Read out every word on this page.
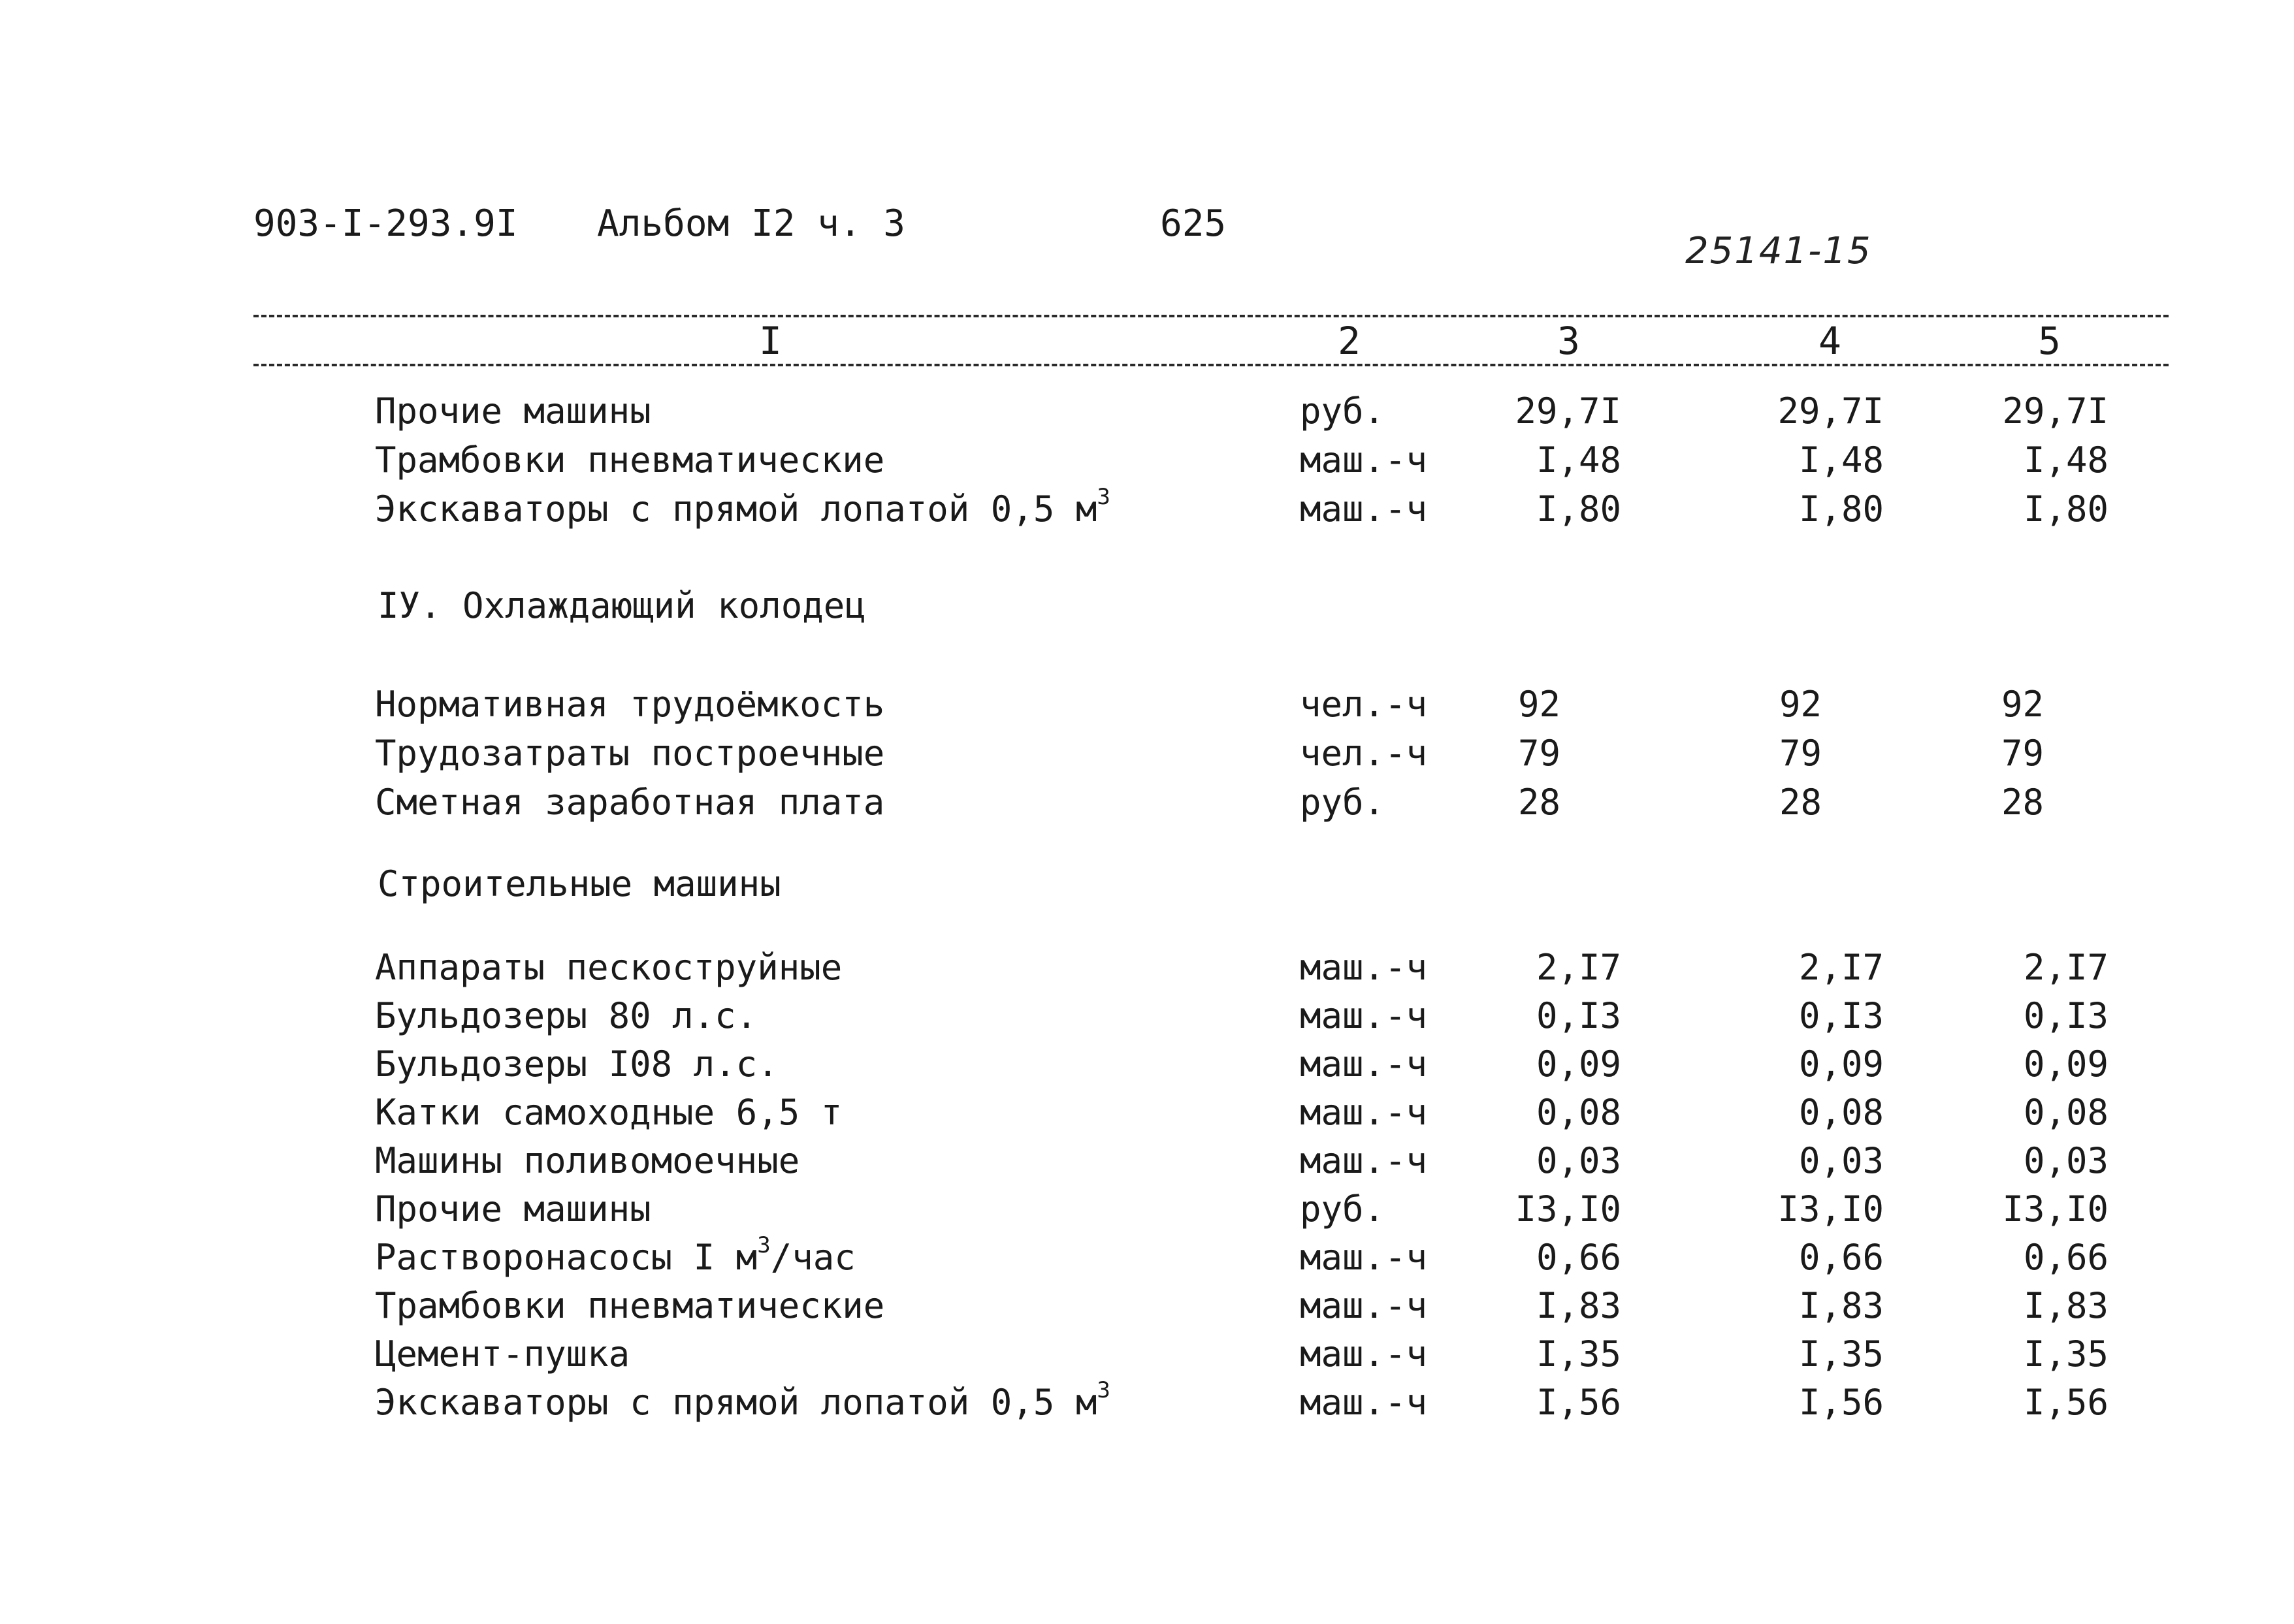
903-I-293.9I Альбом I2 ч. 3	625
25141-15
I	2	3	4	5
IУ. Охлаждающий колодец
Строительные машины
Прочие машины	руб.	29,7I	29,7I	29,7I
Трамбовки пневматические	маш.-ч	I,48	I,48	I,48
Экскаваторы с прямой лопатой 0,5 $м^3$	маш.-ч	I,80	I,80	I,80
Нормативная трудоёмкость	чел.-ч	92	92	92
Трудозатраты построечные	чел.-ч	79	79	79
Сметная заработная плата	руб.	28	28	28
Аппараты пескоструйные	маш.-ч	2,I7	2,I7	2,I7
Бульдозеры 80 л.с.	маш.-ч	0,I3	0,I3	0,I3
Бульдозеры I08 л.с.	маш.-ч	0,09	0,09	0,09
Катки самоходные 6,5 т	маш.-ч	0,08	0,08	0,08
Машины поливомоечные	маш.-ч	0,03	0,03	0,03
Прочие машины	руб.	I3,I0	I3,I0	I3,I0
Растворонасосы I $м^3$/час	маш.-ч	0,66	0,66	0,66
Трамбовки пневматические	маш.-ч	I,83	I,83	I,83
Цемент-пушка	маш.-ч	I,35	I,35	I,35
Экскаваторы с прямой лопатой 0,5 $м^3$	маш.-ч	I,56	I,56	I,56
